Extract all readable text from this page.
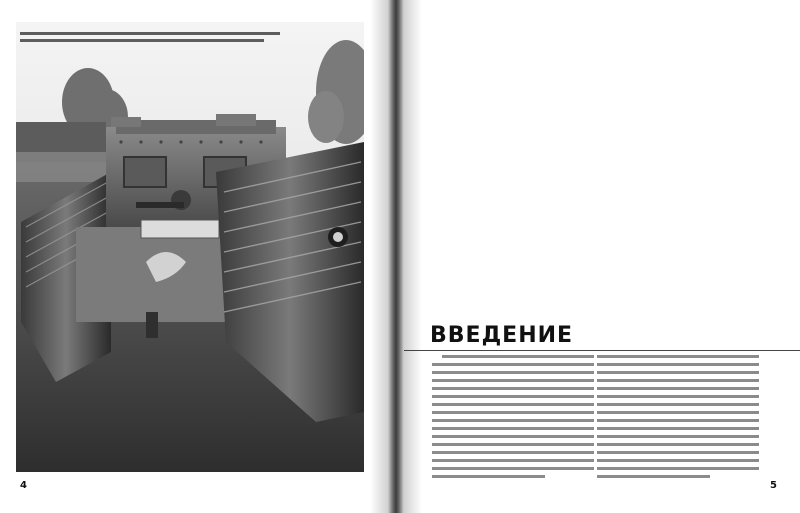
4
ВВЕДЕНИЕ
5
